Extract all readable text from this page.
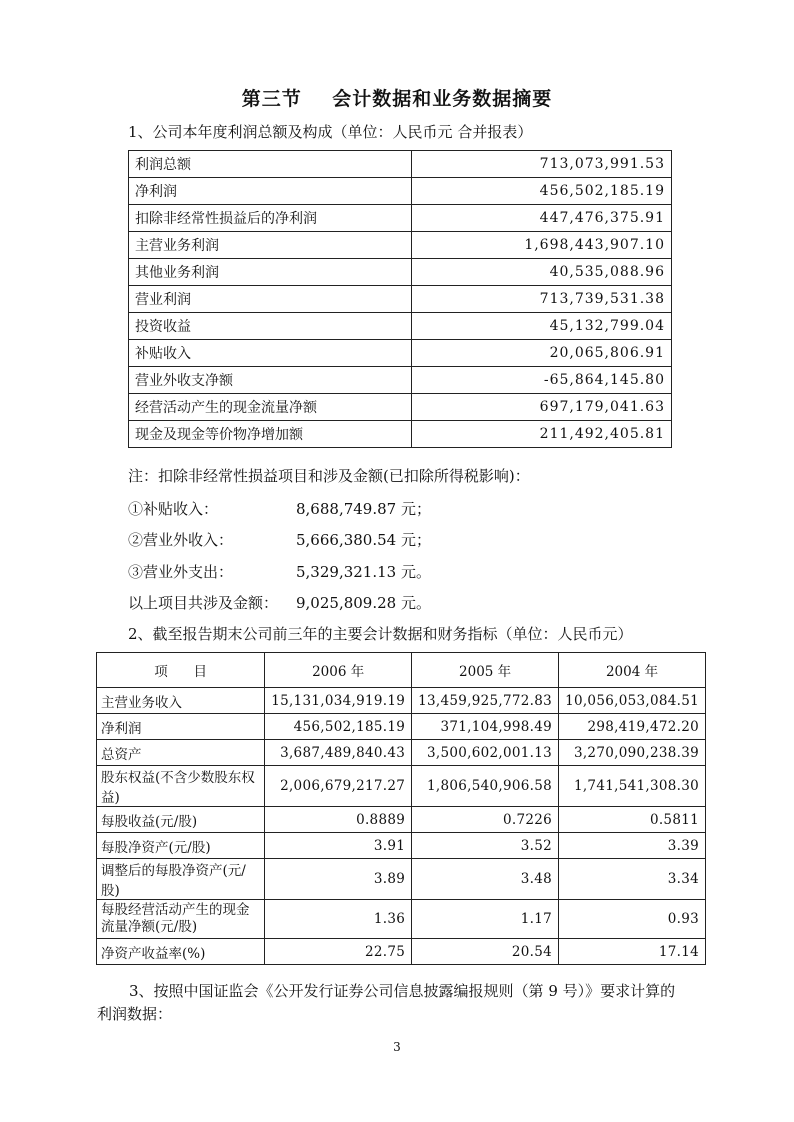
第三节    会计数据和业务数据摘要
1、公司本年度利润总额及构成（单位：人民币元 合并报表）
利润总额	713,073,991.53
净利润	456,502,185.19
扣除非经常性损益后的净利润	447,476,375.91
主营业务利润	1,698,443,907.10
其他业务利润	40,535,088.96
营业利润	713,739,531.38
投资收益	45,132,799.04
补贴收入	20,065,806.91
营业外收支净额	-65,864,145.80
经营活动产生的现金流量净额	697,179,041.63
现金及现金等价物净增加额	211,492,405.81
注：扣除非经常性损益项目和涉及金额(已扣除所得税影响)：
①补贴收入：	8,688,749.87 元；
②营业外收入：	5,666,380.54 元；
③营业外支出：	5,329,321.13 元。
以上项目共涉及金额： 9,025,809.28 元。
2、截至报告期末公司前三年的主要会计数据和财务指标（单位：人民币元）
项      目	2006 年	2005 年	2004 年
主营业务收入	15,131,034,919.19	13,459,925,772.83	10,056,053,084.51
净利润	456,502,185.19	371,104,998.49	298,419,472.20
总资产	3,687,489,840.43	3,500,602,001.13	3,270,090,238.39
股东权益(不含少数股东权益)	2,006,679,217.27	1,806,540,906.58	1,741,541,308.30
每股收益(元/股)	0.8889	0.7226	0.5811
每股净资产(元/股)	3.91	3.52	3.39
调整后的每股净资产(元/股)	3.89	3.48	3.34
每股经营活动产生的现金流量净额(元/股)	1.36	1.17	0.93
净资产收益率(%)	22.75	20.54	17.14
3、按照中国证监会《公开发行证券公司信息披露编报规则（第 9 号）》要求计算的
利润数据：
3
